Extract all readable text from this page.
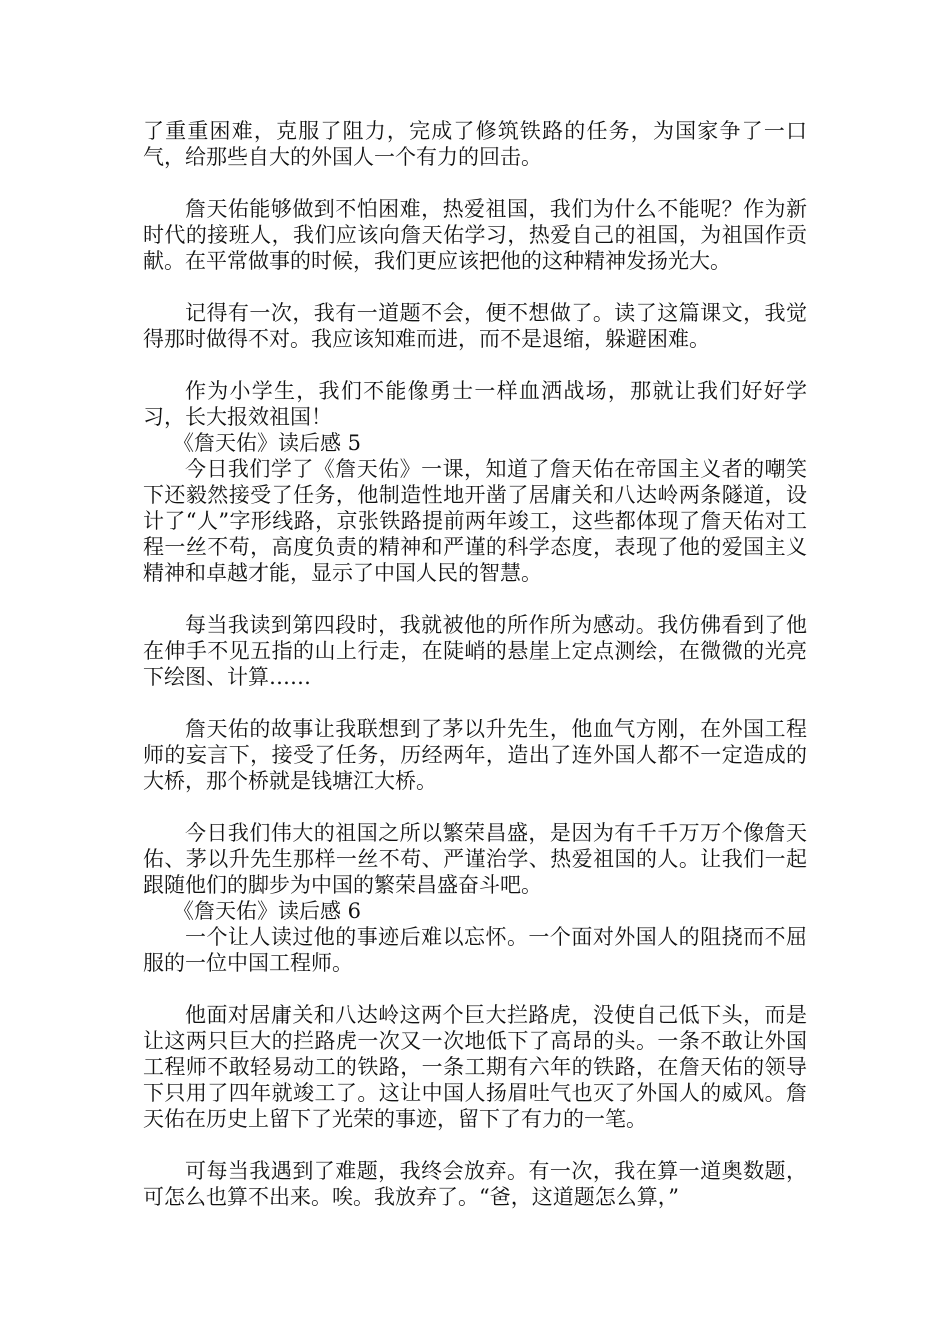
了重重困难，克服了阻力，完成了修筑铁路的任务，为国家争了一口气，给那些自大的外国人一个有力的回击。

詹天佑能够做到不怕困难，热爱祖国，我们为什么不能呢？作为新时代的接班人，我们应该向詹天佑学习，热爱自己的祖国，为祖国作贡献。在平常做事的时候，我们更应该把他的这种精神发扬光大。

记得有一次，我有一道题不会，便不想做了。读了这篇课文，我觉得那时做得不对。我应该知难而进，而不是退缩，躲避困难。

作为小学生，我们不能像勇士一样血洒战场，那就让我们好好学习，长大报效祖国！

《詹天佑》读后感 5

今日我们学了《詹天佑》一课，知道了詹天佑在帝国主义者的嘲笑下还毅然接受了任务，他制造性地开凿了居庸关和八达岭两条隧道，设计了“人”字形线路，京张铁路提前两年竣工，这些都体现了詹天佑对工程一丝不苟，高度负责的精神和严谨的科学态度，表现了他的爱国主义精神和卓越才能，显示了中国人民的智慧。

每当我读到第四段时，我就被他的所作所为感动。我仿佛看到了他在伸手不见五指的山上行走，在陡峭的悬崖上定点测绘，在微微的光亮下绘图、计算……

詹天佑的故事让我联想到了茅以升先生，他血气方刚，在外国工程师的妄言下，接受了任务，历经两年，造出了连外国人都不一定造成的大桥，那个桥就是钱塘江大桥。

今日我们伟大的祖国之所以繁荣昌盛，是因为有千千万万个像詹天佑、茅以升先生那样一丝不苟、严谨治学、热爱祖国的人。让我们一起跟随他们的脚步为中国的繁荣昌盛奋斗吧。

《詹天佑》读后感 6

一个让人读过他的事迹后难以忘怀。一个面对外国人的阻挠而不屈服的一位中国工程师。

他面对居庸关和八达岭这两个巨大拦路虎，没使自己低下头，而是让这两只巨大的拦路虎一次又一次地低下了高昂的头。一条不敢让外国工程师不敢轻易动工的铁路，一条工期有六年的铁路，在詹天佑的领导下只用了四年就竣工了。这让中国人扬眉吐气也灭了外国人的威风。詹天佑在历史上留下了光荣的事迹，留下了有力的一笔。

可每当我遇到了难题，我终会放弃。有一次，我在算一道奥数题，可怎么也算不出来。唉。我放弃了。“爸，这道题怎么算，”
